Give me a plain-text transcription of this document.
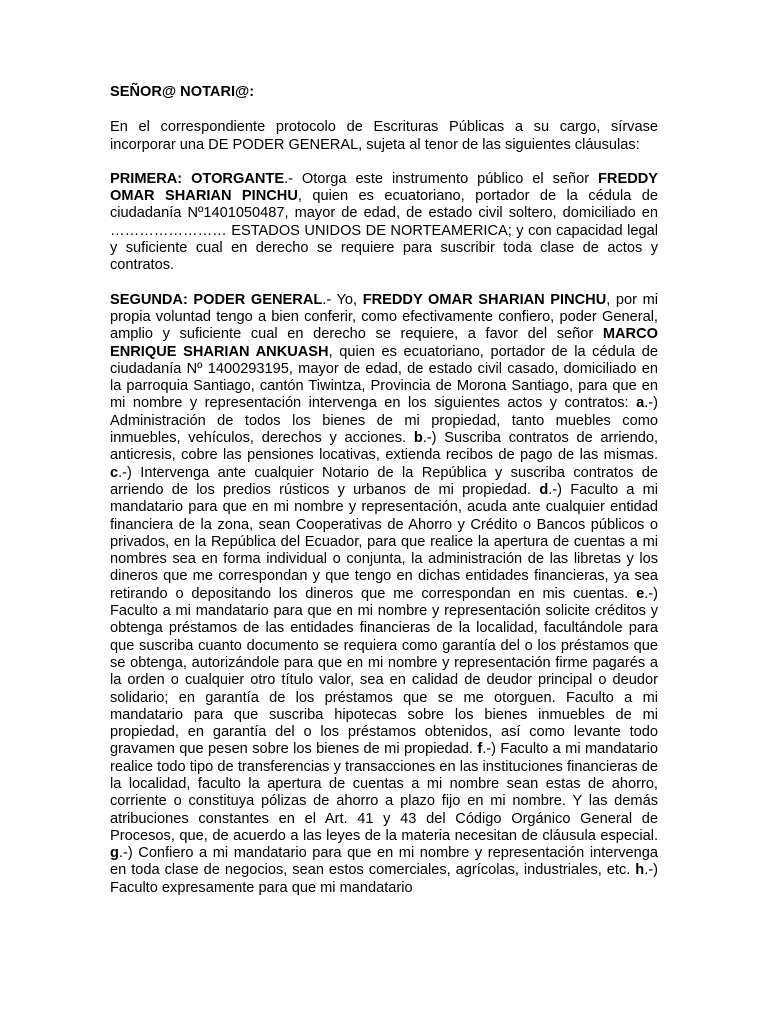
SEÑOR@ NOTARI@:

En el correspondiente protocolo de Escrituras Públicas a su cargo, sírvase incorporar una DE PODER GENERAL, sujeta al tenor de las siguientes cláusulas:

PRIMERA: OTORGANTE.- Otorga este instrumento público el señor FREDDY OMAR SHARIAN PINCHU, quien es ecuatoriano, portador de la cédula de ciudadanía Nº1401050487, mayor de edad, de estado civil soltero, domiciliado en …………………… ESTADOS UNIDOS DE NORTEAMERICA; y con capacidad legal y suficiente cual en derecho se requiere para suscribir toda clase de actos y contratos.

SEGUNDA: PODER GENERAL.- Yo, FREDDY OMAR SHARIAN PINCHU, por mi propia voluntad tengo a bien conferir, como efectivamente confiero, poder General, amplio y suficiente cual en derecho se requiere, a favor del señor MARCO ENRIQUE SHARIAN ANKUASH, quien es ecuatoriano, portador de la cédula de ciudadanía Nº 1400293195, mayor de edad, de estado civil casado, domiciliado en la parroquia Santiago, cantón Tiwintza, Provincia de Morona Santiago, para que en mi nombre y representación intervenga en los siguientes actos y contratos: a.-) Administración de todos los bienes de mi propiedad, tanto muebles como inmuebles, vehículos, derechos y acciones. b.-) Suscriba contratos de arriendo, anticresis, cobre las pensiones locativas, extienda recibos de pago de las mismas. c.-) Intervenga ante cualquier Notario de la República y suscriba contratos de arriendo de los predios rústicos y urbanos de mi propiedad. d.-) Faculto a mi mandatario para que en mi nombre y representación, acuda ante cualquier entidad financiera de la zona, sean Cooperativas de Ahorro y Crédito o Bancos públicos o privados, en la República del Ecuador, para que realice la apertura de cuentas a mi nombres sea en forma individual o conjunta, la administración de las libretas y los dineros que me correspondan y que tengo en dichas entidades financieras, ya sea retirando o depositando los dineros que me correspondan en mis cuentas. e.-) Faculto a mi mandatario para que en mi nombre y representación solicite créditos y obtenga préstamos de las entidades financieras de la localidad, facultándole para que suscriba cuanto documento se requiera como garantía del o los préstamos que se obtenga, autorizándole para que en mi nombre y representación firme pagarés a la orden o cualquier otro título valor, sea en calidad de deudor principal o deudor solidario; en garantía de los préstamos que se me otorguen. Faculto a mi mandatario para que suscriba hipotecas sobre los bienes inmuebles de mi propiedad, en garantía del o los préstamos obtenidos, así como levante todo gravamen que pesen sobre los bienes de mi propiedad. f.-) Faculto a mi mandatario realice todo tipo de transferencias y transacciones en las instituciones financieras de la localidad, faculto la apertura de cuentas a mi nombre sean estas de ahorro, corriente o constituya pólizas de ahorro a plazo fijo en mi nombre. Y las demás atribuciones constantes en el Art. 41 y 43 del Código Orgánico General de Procesos, que, de acuerdo a las leyes de la materia necesitan de cláusula especial. g.-) Confiero a mi mandatario para que en mi nombre y representación intervenga en toda clase de negocios, sean estos comerciales, agrícolas, industriales, etc. h.-) Faculto expresamente para que mi mandatario
